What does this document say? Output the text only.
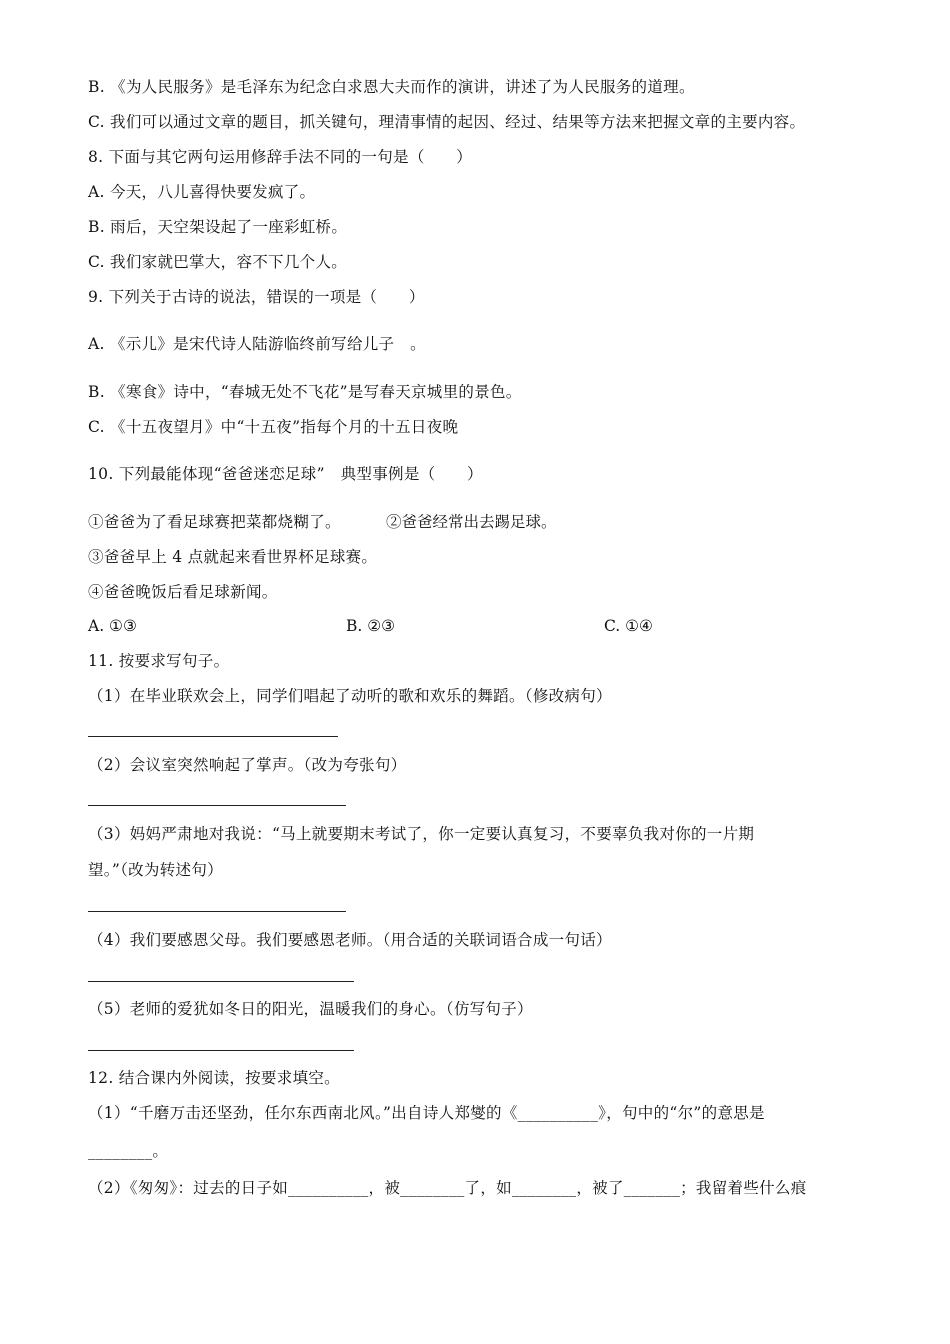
B. 《为人民服务》是毛泽东为纪念白求恩大夫而作的演讲，讲述了为人民服务的道理。
C. 我们可以通过文章的题目，抓关键句，理清事情的起因、经过、结果等方法来把握文章的主要内容。
8. 下面与其它两句运用修辞手法不同的一句是（　　）
A. 今天，八儿喜得快要发疯了。
B. 雨后，天空架设起了一座彩虹桥。
C. 我们家就巴掌大，容不下几个人。
9. 下列关于古诗的说法，错误的一项是（　　）
A. 《示儿》是宋代诗人陆游临终前写给儿子　。
B. 《寒食》诗中，“春城无处不飞花”是写春天京城里的景色。
C. 《十五夜望月》中“十五夜”指每个月的十五日夜晚
10. 下列最能体现“爸爸迷恋足球”　典型事例是（　　）
①爸爸为了看足球赛把菜都烧糊了。	②爸爸经常出去踢足球。
③爸爸早上 4 点就起来看世界杯足球赛。
④爸爸晚饭后看足球新闻。
A. ①③	B. ②③	C. ①④
11. 按要求写句子。
（1）在毕业联欢会上，同学们唱起了动听的歌和欢乐的舞蹈。（修改病句）
（2）会议室突然响起了掌声。（改为夸张句）
（3）妈妈严肃地对我说：“马上就要期末考试了，你一定要认真复习，不要辜负我对你的一片期
望。”（改为转述句）
（4）我们要感恩父母。我们要感恩老师。（用合适的关联词语合成一句话）
（5）老师的爱犹如冬日的阳光，温暖我们的身心。（仿写句子）
12. 结合课内外阅读，按要求填空。
（1）“千磨万击还坚劲，任尔东西南北风。”出自诗人郑燮的《__________》，句中的“尔”的意思是
________。
（2）《匆匆》：过去的日子如__________，被________了，如________，被了_______；我留着些什么痕
